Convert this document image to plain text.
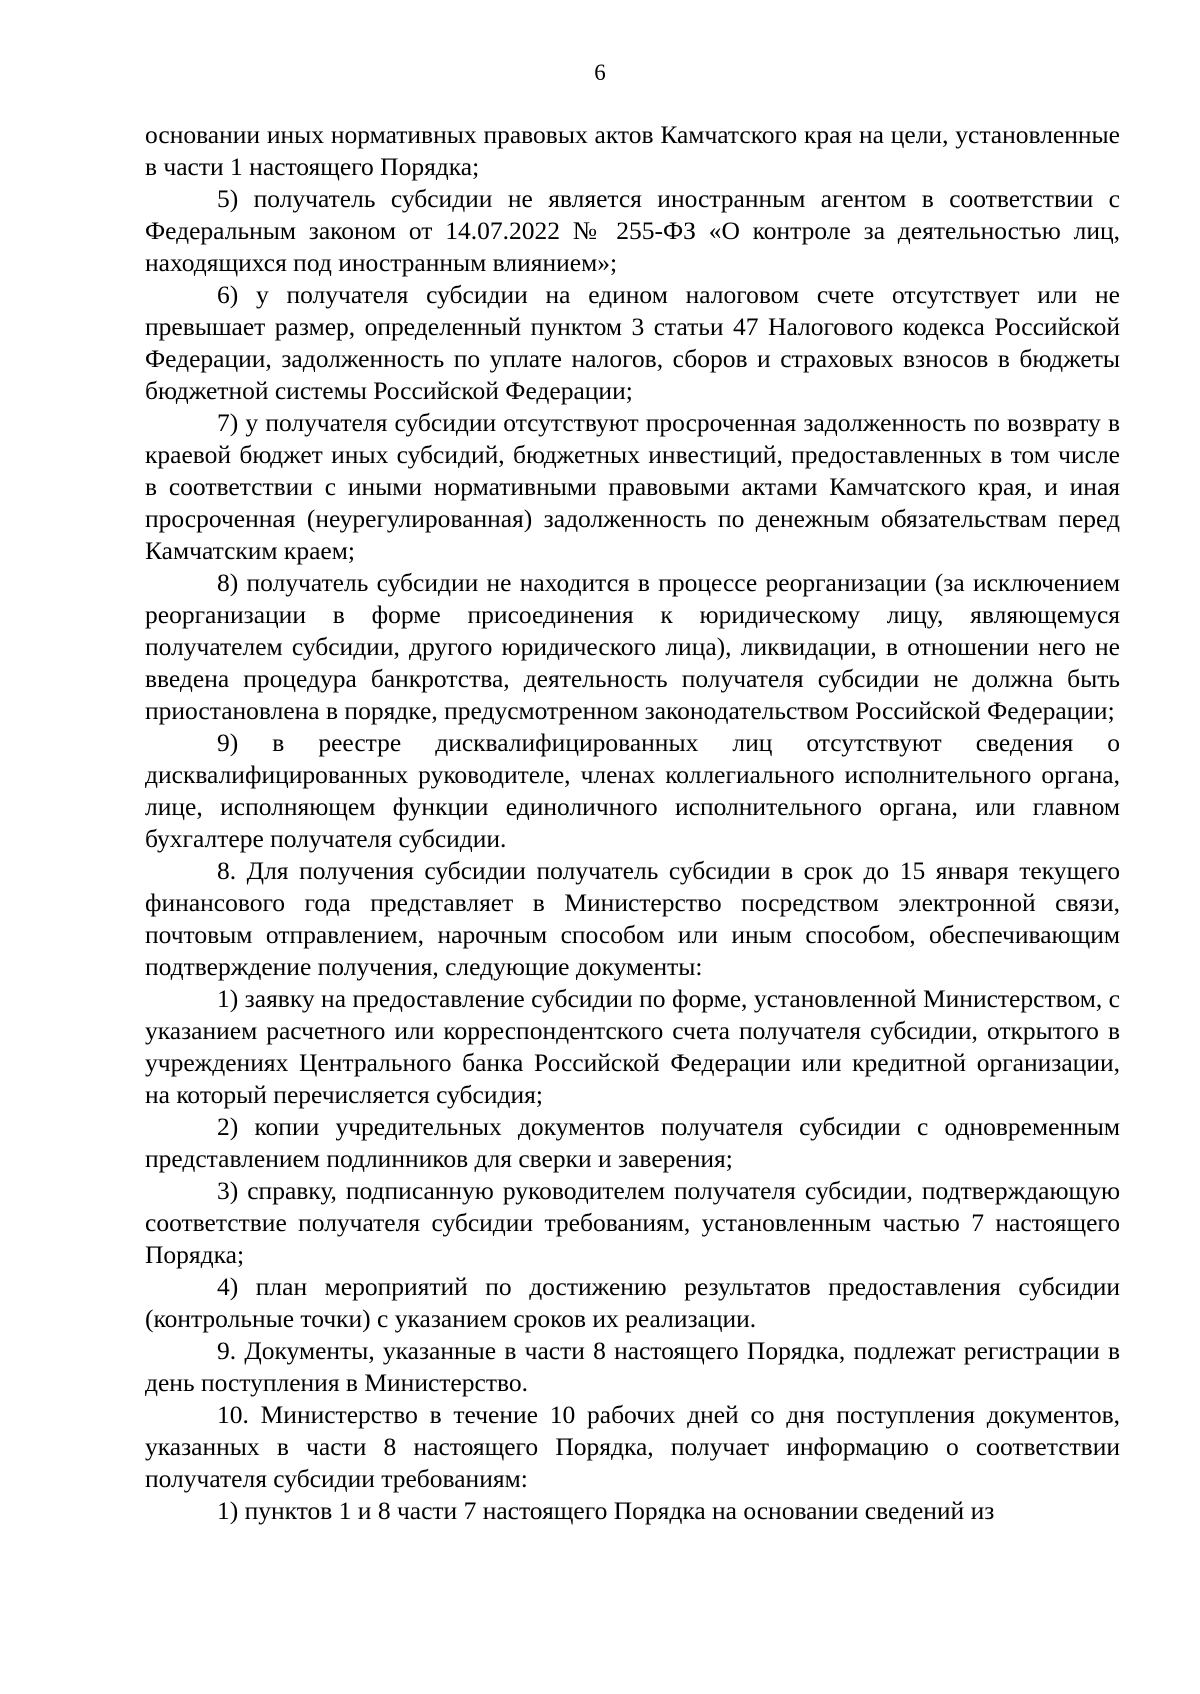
6

основании иных нормативных правовых актов Камчатского края на цели, установленные в части 1 настоящего Порядка;

5) получатель субсидии не является иностранным агентом в соответствии с Федеральным законом от 14.07.2022 № 255-ФЗ «О контроле за деятельностью лиц, находящихся под иностранным влиянием»;

6) у получателя субсидии на едином налоговом счете отсутствует или не превышает размер, определенный пунктом 3 статьи 47 Налогового кодекса Российской Федерации, задолженность по уплате налогов, сборов и страховых взносов в бюджеты бюджетной системы Российской Федерации;

7) у получателя субсидии отсутствуют просроченная задолженность по возврату в краевой бюджет иных субсидий, бюджетных инвестиций, предоставленных в том числе в соответствии с иными нормативными правовыми актами Камчатского края, и иная просроченная (неурегулированная) задолженность по денежным обязательствам перед Камчатским краем;

8) получатель субсидии не находится в процессе реорганизации (за исключением реорганизации в форме присоединения к юридическому лицу, являющемуся получателем субсидии, другого юридического лица), ликвидации, в отношении него не введена процедура банкротства, деятельность получателя субсидии не должна быть приостановлена в порядке, предусмотренном законодательством Российской Федерации;

9) в реестре дисквалифицированных лиц отсутствуют сведения о дисквалифицированных руководителе, членах коллегиального исполнительного органа, лице, исполняющем функции единоличного исполнительного органа, или главном бухгалтере получателя субсидии.

8. Для получения субсидии получатель субсидии в срок до 15 января текущего финансового года представляет в Министерство посредством электронной связи, почтовым отправлением, нарочным способом или иным способом, обеспечивающим подтверждение получения, следующие документы:

1) заявку на предоставление субсидии по форме, установленной Министерством, с указанием расчетного или корреспондентского счета получателя субсидии, открытого в учреждениях Центрального банка Российской Федерации или кредитной организации, на который перечисляется субсидия;

2) копии учредительных документов получателя субсидии с одновременным представлением подлинников для сверки и заверения;

3) справку, подписанную руководителем получателя субсидии, подтверждающую соответствие получателя субсидии требованиям, установленным частью 7 настоящего Порядка;

4) план мероприятий по достижению результатов предоставления субсидии (контрольные точки) с указанием сроков их реализации.

9. Документы, указанные в части 8 настоящего Порядка, подлежат регистрации в день поступления в Министерство.

10. Министерство в течение 10 рабочих дней со дня поступления документов, указанных в части 8 настоящего Порядка, получает информацию о соответствии получателя субсидии требованиям:

1) пунктов 1 и 8 части 7 настоящего Порядка на основании сведений из
